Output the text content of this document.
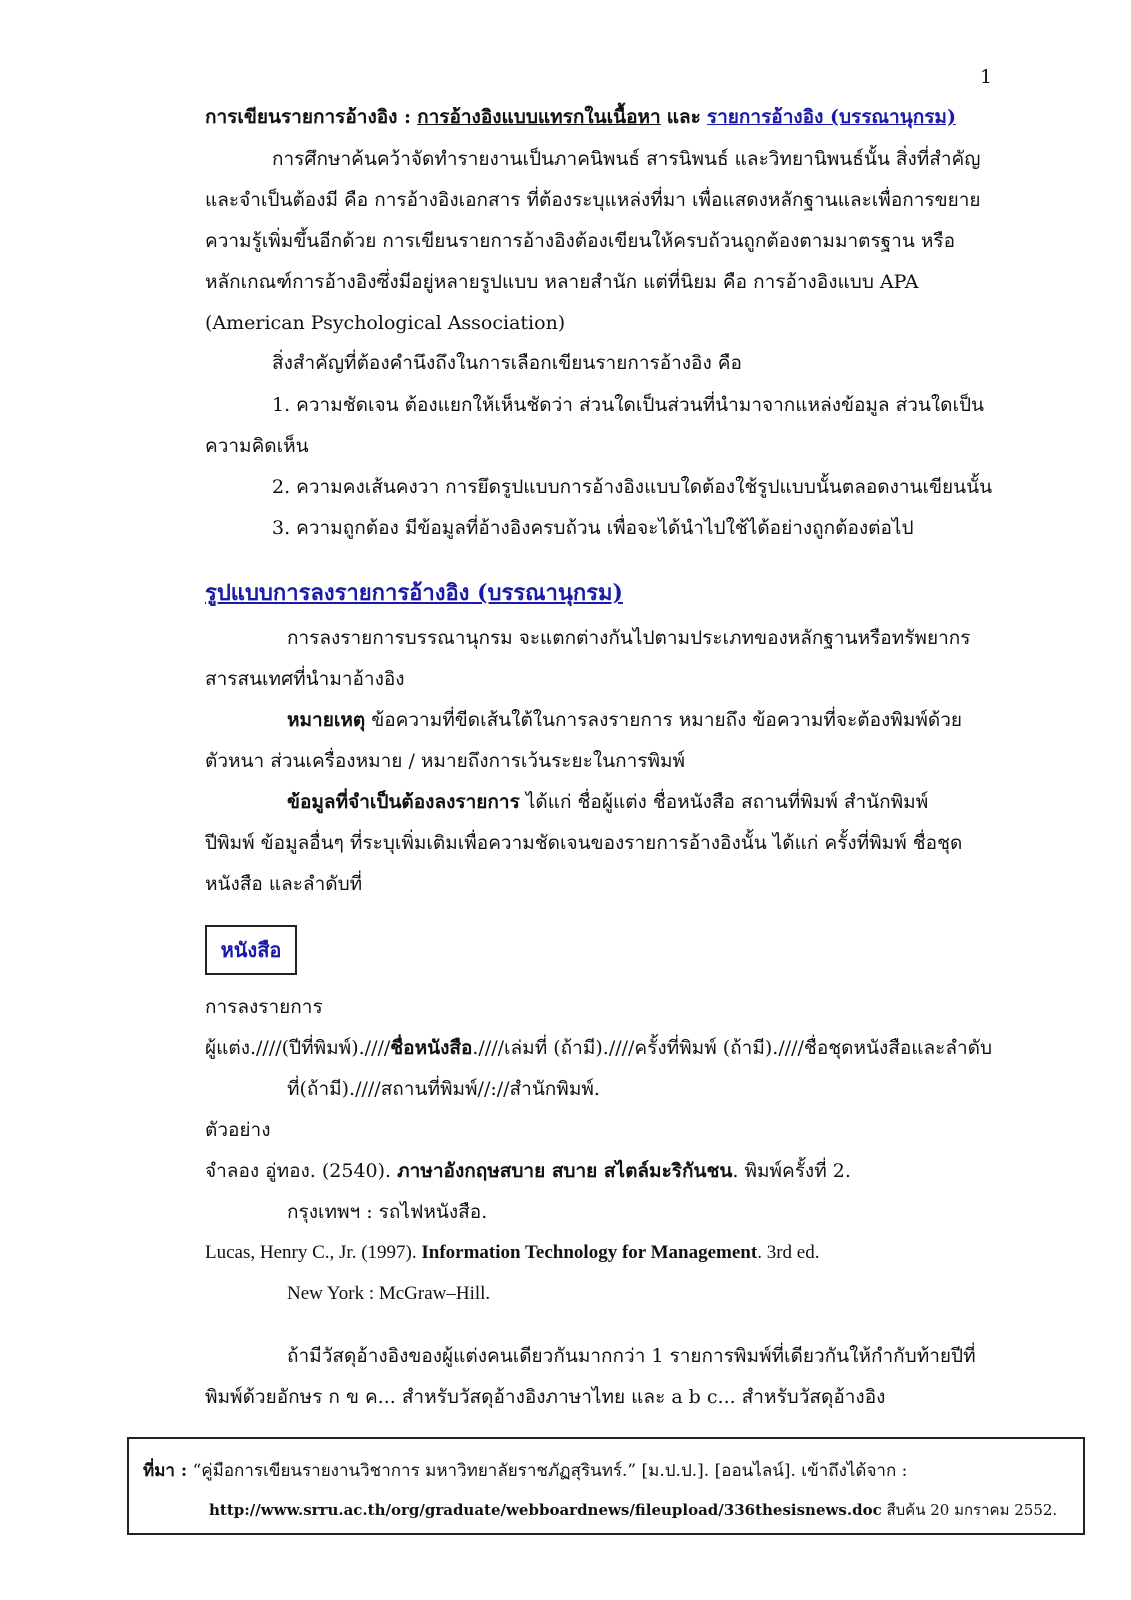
1
การเขียนรายการอ้างอิง : การอ้างอิงแบบแทรกในเนื้อหา และ รายการอ้างอิง (บรรณานุกรม)
การศึกษาค้นคว้าจัดทำรายงานเป็นภาคนิพนธ์ สารนิพนธ์ และวิทยานิพนธ์นั้น สิ่งที่สำคัญ
และจำเป็นต้องมี คือ การอ้างอิงเอกสาร ที่ต้องระบุแหล่งที่มา เพื่อแสดงหลักฐานและเพื่อการขยาย
ความรู้เพิ่มขึ้นอีกด้วย การเขียนรายการอ้างอิงต้องเขียนให้ครบถ้วนถูกต้องตามมาตรฐาน หรือ
หลักเกณฑ์การอ้างอิงซึ่งมีอยู่หลายรูปแบบ หลายสำนัก แต่ที่นิยม คือ การอ้างอิงแบบ APA
(American Psychological Association)
สิ่งสำคัญที่ต้องคำนึงถึงในการเลือกเขียนรายการอ้างอิง คือ
1. ความชัดเจน ต้องแยกให้เห็นชัดว่า ส่วนใดเป็นส่วนที่นำมาจากแหล่งข้อมูล ส่วนใดเป็น
ความคิดเห็น
2. ความคงเส้นคงวา การยึดรูปแบบการอ้างอิงแบบใดต้องใช้รูปแบบนั้นตลอดงานเขียนนั้น
3. ความถูกต้อง มีข้อมูลที่อ้างอิงครบถ้วน เพื่อจะได้นำไปใช้ได้อย่างถูกต้องต่อไป
รูปแบบการลงรายการอ้างอิง (บรรณานุกรม)
การลงรายการบรรณานุกรม จะแตกต่างกันไปตามประเภทของหลักฐานหรือทรัพยากร
สารสนเทศที่นำมาอ้างอิง
หมายเหตุ ข้อความที่ขีดเส้นใต้ในการลงรายการ หมายถึง ข้อความที่จะต้องพิมพ์ด้วย
ตัวหนา ส่วนเครื่องหมาย / หมายถึงการเว้นระยะในการพิมพ์
ข้อมูลที่จำเป็นต้องลงรายการ ได้แก่ ชื่อผู้แต่ง ชื่อหนังสือ สถานที่พิมพ์ สำนักพิมพ์
ปีพิมพ์ ข้อมูลอื่นๆ ที่ระบุเพิ่มเติมเพื่อความชัดเจนของรายการอ้างอิงนั้น ได้แก่ ครั้งที่พิมพ์ ชื่อชุด
หนังสือ และลำดับที่
หนังสือ
การลงรายการ
ผู้แต่ง.////(ปีที่พิมพ์).////ชื่อหนังสือ.////เล่มที่ (ถ้ามี).////ครั้งที่พิมพ์ (ถ้ามี).////ชื่อชุดหนังสือและลำดับ
ที่(ถ้ามี).////สถานที่พิมพ์//://สำนักพิมพ์.
ตัวอย่าง
จำลอง อู่ทอง. (2540). ภาษาอังกฤษสบาย สบาย สไตล์มะริกันชน. พิมพ์ครั้งที่ 2.
กรุงเทพฯ : รถไฟหนังสือ.
Lucas, Henry C., Jr. (1997). Information Technology for Management. 3rd ed.
New York : McGraw–Hill.
ถ้ามีวัสดุอ้างอิงของผู้แต่งคนเดียวกันมากกว่า 1 รายการพิมพ์ที่เดียวกันให้กำกับท้ายปีที่
พิมพ์ด้วยอักษร ก ข ค... สำหรับวัสดุอ้างอิงภาษาไทย และ a b c... สำหรับวัสดุอ้างอิง
ที่มา : “คู่มือการเขียนรายงานวิชาการ มหาวิทยาลัยราชภัฏสุรินทร์.” [ม.ป.ป.]. [ออนไลน์]. เข้าถึงได้จาก :
http://www.srru.ac.th/org/graduate/webboardnews/fileupload/336thesisnews.doc สืบค้น 20 มกราคม 2552.
